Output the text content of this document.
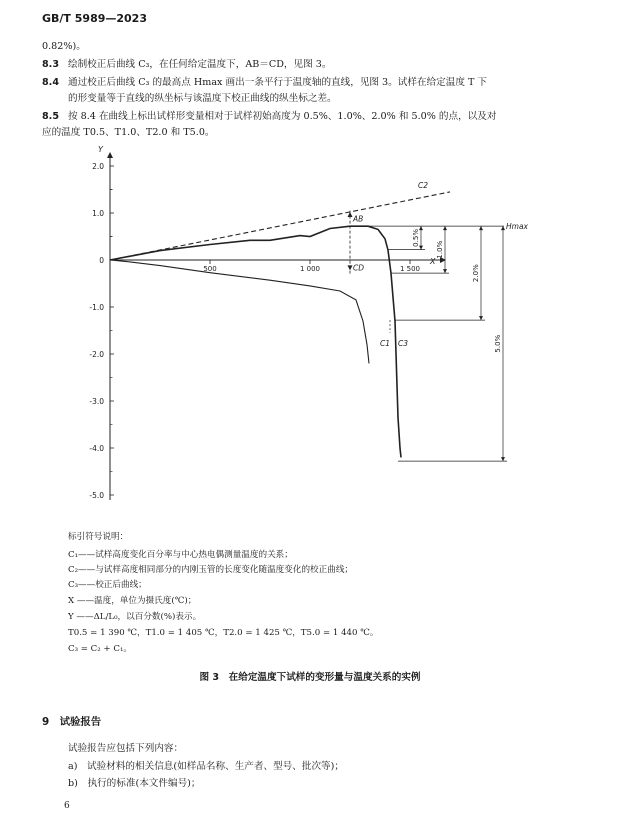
GB/T 5989—2023
0.82%)。
8.3 绘制校正后曲线 C₃，在任何给定温度下，AB＝CD，见图 3。
8.4 通过校正后曲线 C₃ 的最高点 Hmax 画出一条平行于温度轴的直线，见图 3。试样在给定温度 T 下
的形变量等于直线的纵坐标与该温度下校正曲线的纵坐标之差。
8.5 按 8.4 在曲线上标出试样形变量相对于试样初始高度为 0.5%、1.0%、2.0% 和 5.0% 的点，以及对
应的温度 T0.5、T1.0、T2.0 和 T5.0。
Y
2.0
1.0
0
-1.0
-2.0
-3.0
-4.0
-5.0
X
500	1 000	1 500
AB
CD
Hmax
0.5%
1.0%
2.0%
5.0%
C2
C1 C3
标引符号说明：
C₁——试样高度变化百分率与中心热电偶测量温度的关系；
C₂——与试样高度相同部分的内刚玉管的长度变化随温度变化的校正曲线；
C₃——校正后曲线；
X ——温度，单位为摄氏度(℃)；
Y ——ΔL/L₀，以百分数(%)表示。
T0.5 = 1 390 ℃，T1.0 = 1 405 ℃，T2.0 = 1 425 ℃，T5.0 = 1 440 ℃。
C₃ = C₂ + C₁。
图 3　在给定温度下试样的变形量与温度关系的实例
9　试验报告
试验报告应包括下列内容：
a)　试验材料的相关信息(如样品名称、生产者、型号、批次等)；
b)　执行的标准(本文件编号)；
6
